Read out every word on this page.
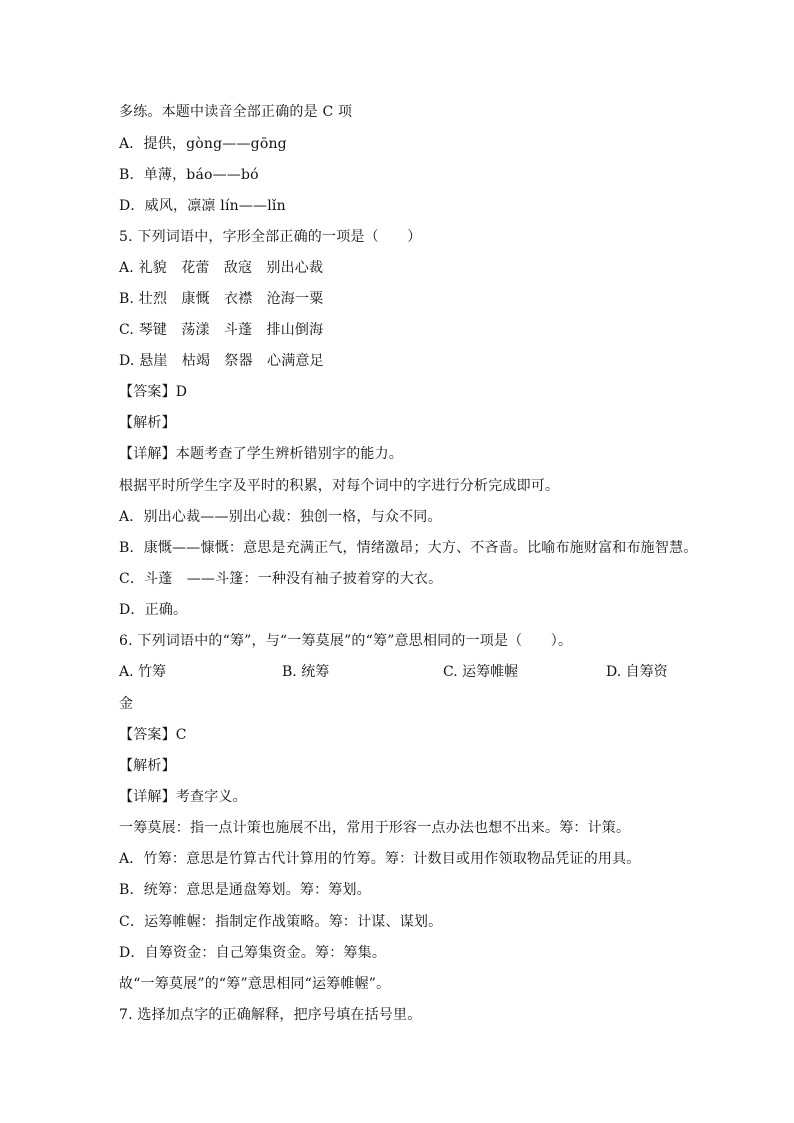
多练。本题中读音全部正确的是 C 项
A．提供，gòng——gōng
B．单薄，báo——bó
D．威风，凛凛 lín——lǐn
5. 下列词语中，字形全部正确的一项是（　　）
A. 礼貌　花蕾　敌寇　别出心裁
B. 壮烈　康慨　衣襟　沧海一粟
C. 琴键　荡漾　斗蓬　排山倒海
D. 悬崖　枯竭　祭器　心满意足
【答案】D
【解析】
【详解】本题考查了学生辨析错别字的能力。
根据平时所学生字及平时的积累，对每个词中的字进行分析完成即可。
A．别出心裁——别出心裁：独创一格，与众不同。
B．康慨——慷慨：意思是充满正气，情绪激昂；大方、不吝啬。比喻布施财富和布施智慧。
C．斗蓬　——斗篷：一种没有袖子披着穿的大衣。
D．正确。
6. 下列词语中的“筹”，与“一筹莫展”的“筹”意思相同的一项是（　　）。
A. 竹筹	B. 统筹	C. 运筹帷幄	D. 自筹资
金
【答案】C
【解析】
【详解】考查字义。
一筹莫展：指一点计策也施展不出，常用于形容一点办法也想不出来。筹：计策。
A．竹筹：意思是竹算古代计算用的竹筹。筹：计数目或用作领取物品凭证的用具。
B．统筹：意思是通盘筹划。筹：筹划。
C．运筹帷幄：指制定作战策略。筹：计谋、谋划。
D．自筹资金：自己筹集资金。筹：筹集。
故“一筹莫展”的“筹”意思相同“运筹帷幄”。
7. 选择加点字的正确解释，把序号填在括号里。
